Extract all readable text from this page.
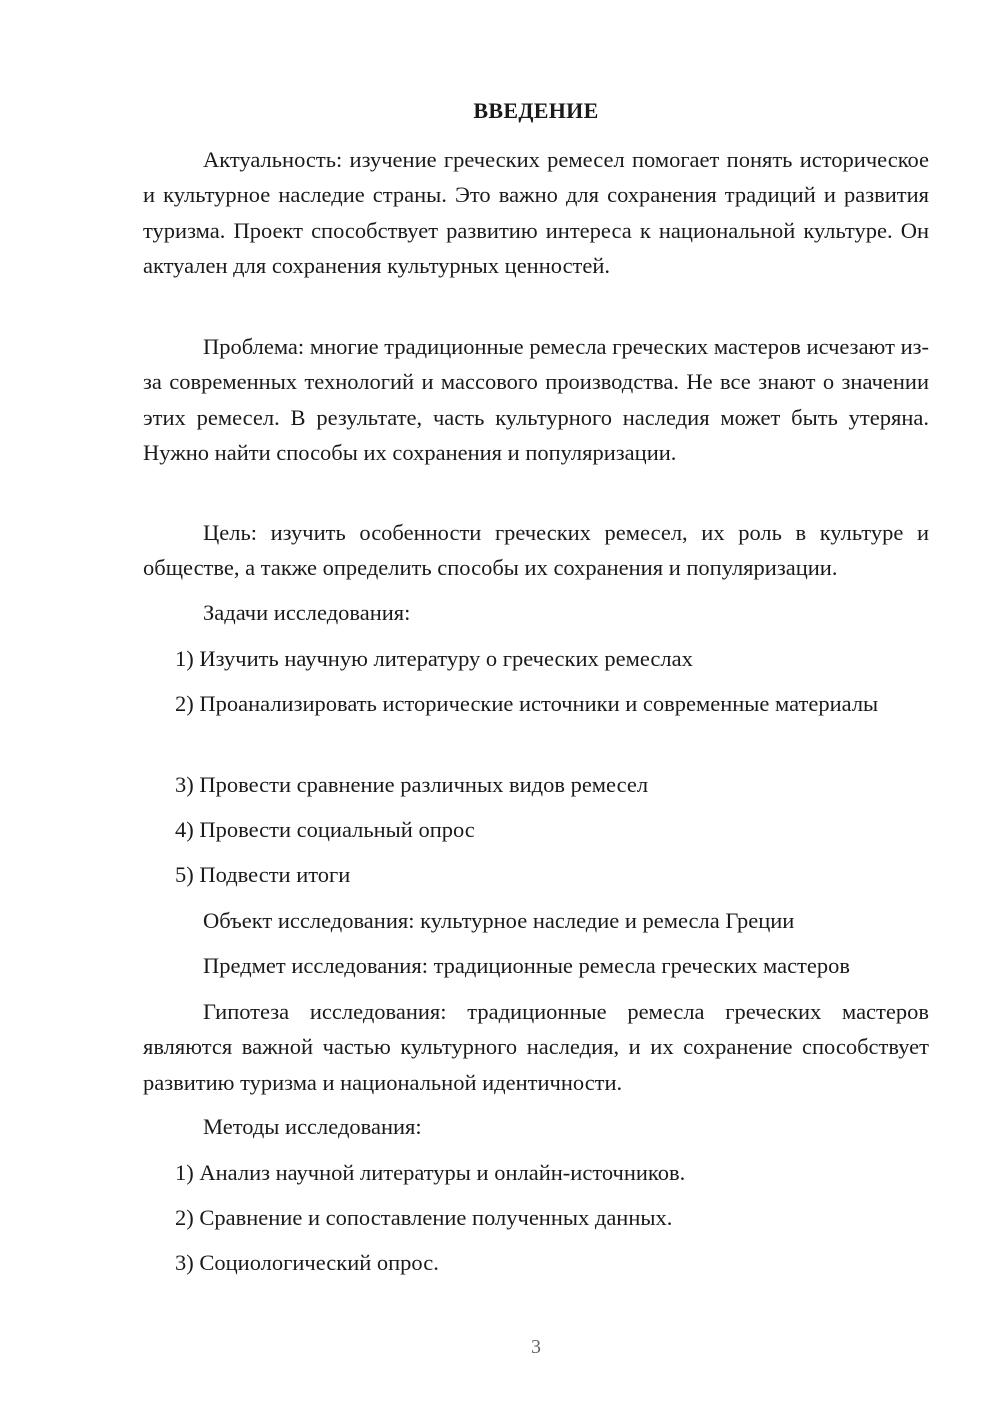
ВВЕДЕНИЕ

Актуальность: изучение греческих ремесел помогает понять историческое и культурное наследие страны. Это важно для сохранения традиций и развития туризма. Проект способствует развитию интереса к национальной культуре. Он актуален для сохранения культурных ценностей.

Проблема: многие традиционные ремесла греческих мастеров исчезают из-за современных технологий и массового производства. Не все знают о значении этих ремесел. В результате, часть культурного наследия может быть утеряна. Нужно найти способы их сохранения и популяризации.

Цель: изучить особенности греческих ремесел, их роль в культуре и обществе, а также определить способы их сохранения и популяризации.

Задачи исследования:

1) Изучить научную литературу о греческих ремеслах

2) Проанализировать исторические источники и современные материалы

3) Провести сравнение различных видов ремесел

4) Провести социальный опрос

5) Подвести итоги

Объект исследования: культурное наследие и ремесла Греции

Предмет исследования: традиционные ремесла греческих мастеров

Гипотеза исследования: традиционные ремесла греческих мастеров являются важной частью культурного наследия, и их сохранение способствует развитию туризма и национальной идентичности.

Методы исследования:

1) Анализ научной литературы и онлайн-источников.

2) Сравнение и сопоставление полученных данных.

3) Социологический опрос.

3
